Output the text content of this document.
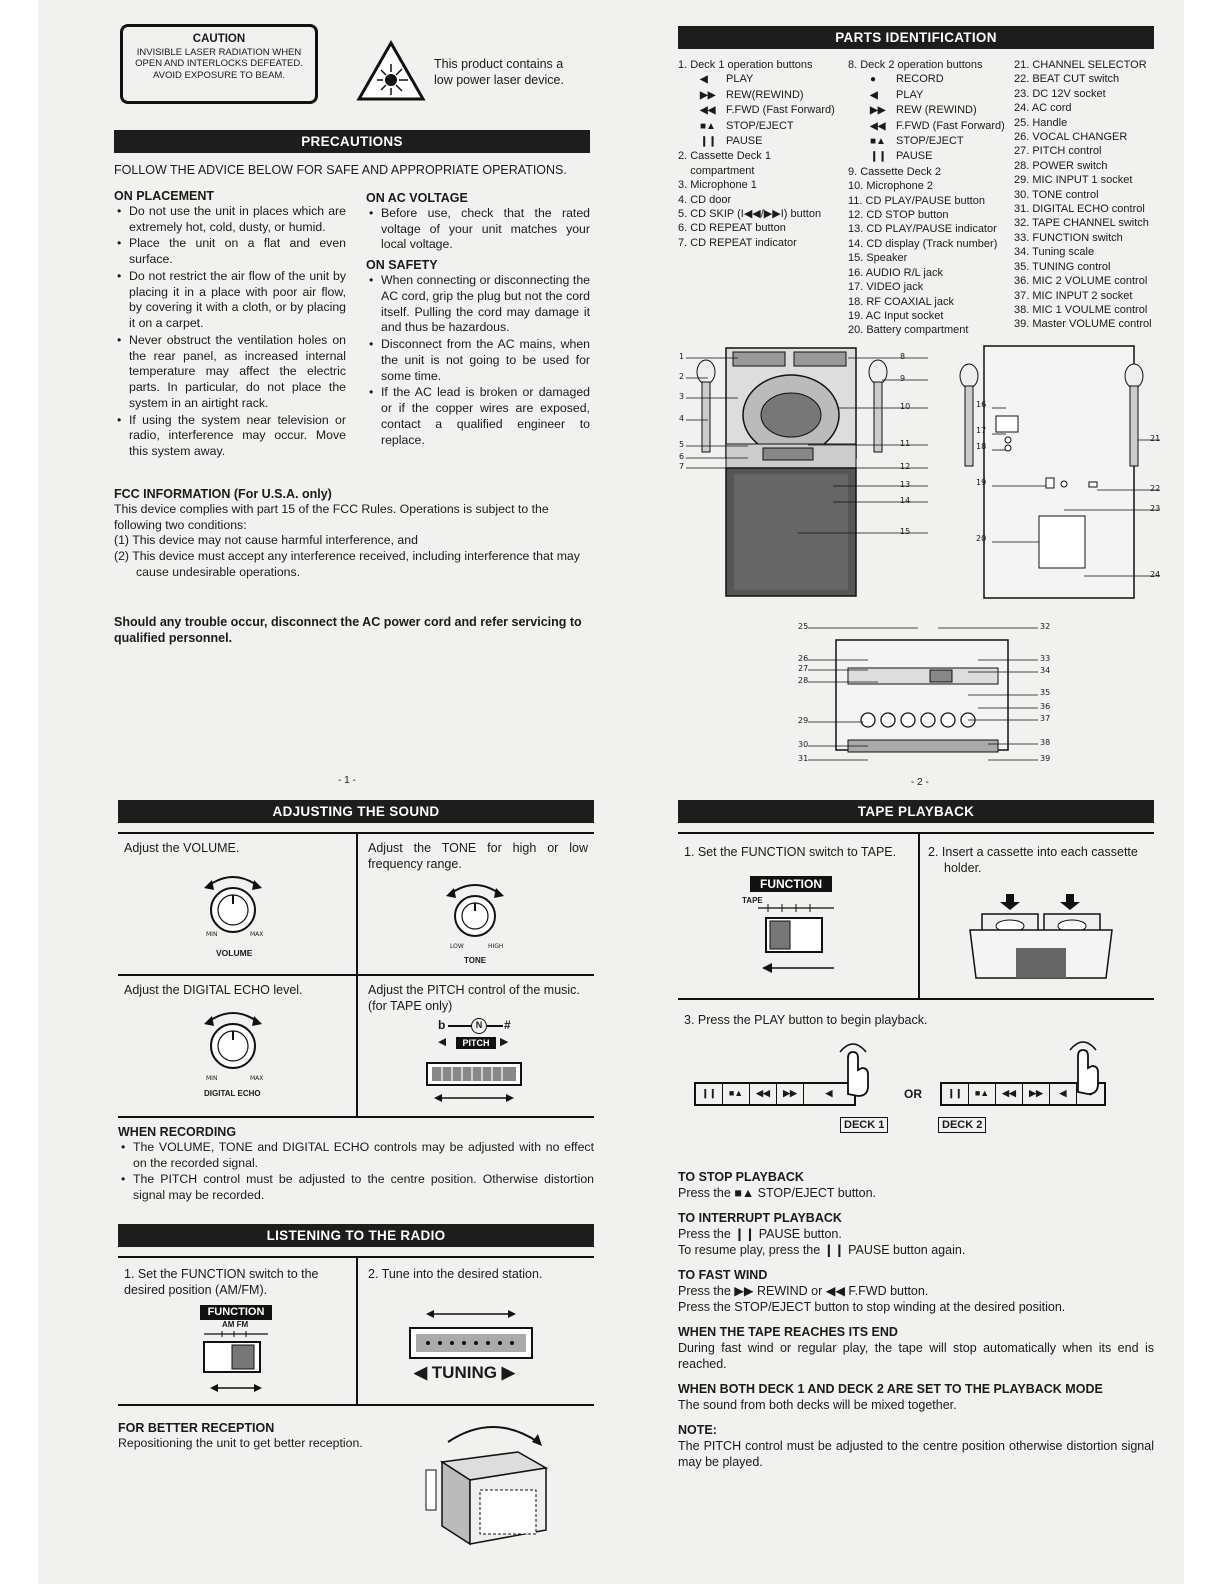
CAUTION
INVISIBLE LASER RADIATION WHEN
OPEN AND INTERLOCKS DEFEATED.
AVOID EXPOSURE TO BEAM.
This product contains a low power laser device.
PRECAUTIONS
FOLLOW THE ADVICE BELOW FOR SAFE AND APPROPRIATE OPERATIONS.
ON PLACEMENT
• Do not use the unit in places which are extremely hot, cold, dusty, or humid.
• Place the unit on a flat and even surface.
• Do not restrict the air flow of the unit by placing it in a place with poor air flow, by covering it with a cloth, or by placing it on a carpet.
• Never obstruct the ventilation holes on the rear panel, as increased internal temperature may affect the electric parts. In particular, do not place the system in an airtight rack.
• If using the system near television or radio, interference may occur. Move this system away.
ON AC VOLTAGE
• Before use, check that the rated voltage of your unit matches your local voltage.
ON SAFETY
• When connecting or disconnecting the AC cord, grip the plug but not the cord itself. Pulling the cord may damage it and thus be hazardous.
• Disconnect from the AC mains, when the unit is not going to be used for some time.
• If the AC lead is broken or damaged or if the copper wires are exposed, contact a qualified engineer to replace.
FCC INFORMATION (For U.S.A. only)
This device complies with part 15 of the FCC Rules. Operations is subject to the following two conditions:
(1) This device may not cause harmful interference, and
(2) This device must accept any interference received, including interference that may cause undesirable operations.
Should any trouble occur, disconnect the AC power cord and refer servicing to qualified personnel.
- 1 -
PARTS IDENTIFICATION
1. Deck 1 operation buttons
◀ PLAY
▶▶ REW(REWIND)
◀◀ F.FWD (Fast Forward)
■▲ STOP/EJECT
❙❙ PAUSE
2. Cassette Deck 1
compartment
3. Microphone 1
4. CD door
5. CD SKIP (I◀◀/▶▶I) button
6. CD REPEAT button
7. CD REPEAT indicator
8. Deck 2 operation buttons
● RECORD
◀ PLAY
▶▶ REW (REWIND)
◀◀ F.FWD (Fast Forward)
■▲ STOP/EJECT
❙❙ PAUSE
9. Cassette Deck 2
10. Microphone 2
11. CD PLAY/PAUSE button
12. CD STOP button
13. CD PLAY/PAUSE indicator
14. CD display (Track number)
15. Speaker
16. AUDIO R/L jack
17. VIDEO jack
18. RF COAXIAL jack
19. AC Input socket
20. Battery compartment
21. CHANNEL SELECTOR
22. BEAT CUT switch
23. DC 12V socket
24. AC cord
25. Handle
26. VOCAL CHANGER
27. PITCH control
28. POWER switch
29. MIC INPUT 1 socket
30. TONE control
31. DIGITAL ECHO control
32. TAPE CHANNEL switch
33. FUNCTION switch
34. Tuning scale
35. TUNING control
36. MIC 2 VOLUME control
37. MIC INPUT 2 socket
38. MIC 1 VOULME control
39. Master VOLUME control
1
2
3
4
5
6
7
8
9
10
11
12
13
14
15
16
17
18
19
20
21
22
23
24
25
26
27
28
29
30
31
32
33
34
35
36
37
38
39
- 2 -
ADJUSTING THE SOUND
Adjust the VOLUME.
MIN	MAX
VOLUME
Adjust the TONE for high or low frequency range.
LOW	HIGH
TONE
Adjust the DIGITAL ECHO level.
MIN	MAX
DIGITAL ECHO
Adjust the PITCH control of the music. (for TAPE only)
b	N	#
PITCH
◀	▶
WHEN RECORDING
• The VOLUME, TONE and DIGITAL ECHO controls may be adjusted with no effect on the recorded signal.
• The PITCH control must be adjusted to the centre position. Otherwise distortion signal may be recorded.
LISTENING TO THE RADIO
1. Set the FUNCTION switch to the desired position (AM/FM).
2. Tune into the desired station.
FUNCTION
AM FM
◀ TUNING ▶
FOR BETTER RECEPTION
Repositioning the unit to get better reception.
TAPE PLAYBACK
1. Set the FUNCTION switch to TAPE.	2. Insert a cassette into each cassette holder.
FUNCTION
TAPE
3. Press the PLAY button to begin playback.
❙❙	■▲	◀◀	▶▶	◀	OR	❙❙	■▲	◀◀	▶▶	◀
DECK 1	DECK 2
TO STOP PLAYBACK

Press the ■▲ STOP/EJECT button.

TO INTERRUPT PLAYBACK

Press the ❙❙ PAUSE button.

To resume play, press the ❙❙ PAUSE button again.

TO FAST WIND

Press the ▶▶ REWIND or ◀◀ F.FWD button.

Press the STOP/EJECT button to stop winding at the desired position.

WHEN THE TAPE REACHES ITS END

During fast wind or regular play, the tape will stop automatically when its end is reached.

WHEN BOTH DECK 1 AND DECK 2 ARE SET TO THE PLAYBACK MODE

The sound from both decks will be mixed together.

NOTE:

The PITCH control must be adjusted to the centre position otherwise distortion signal may be played.
